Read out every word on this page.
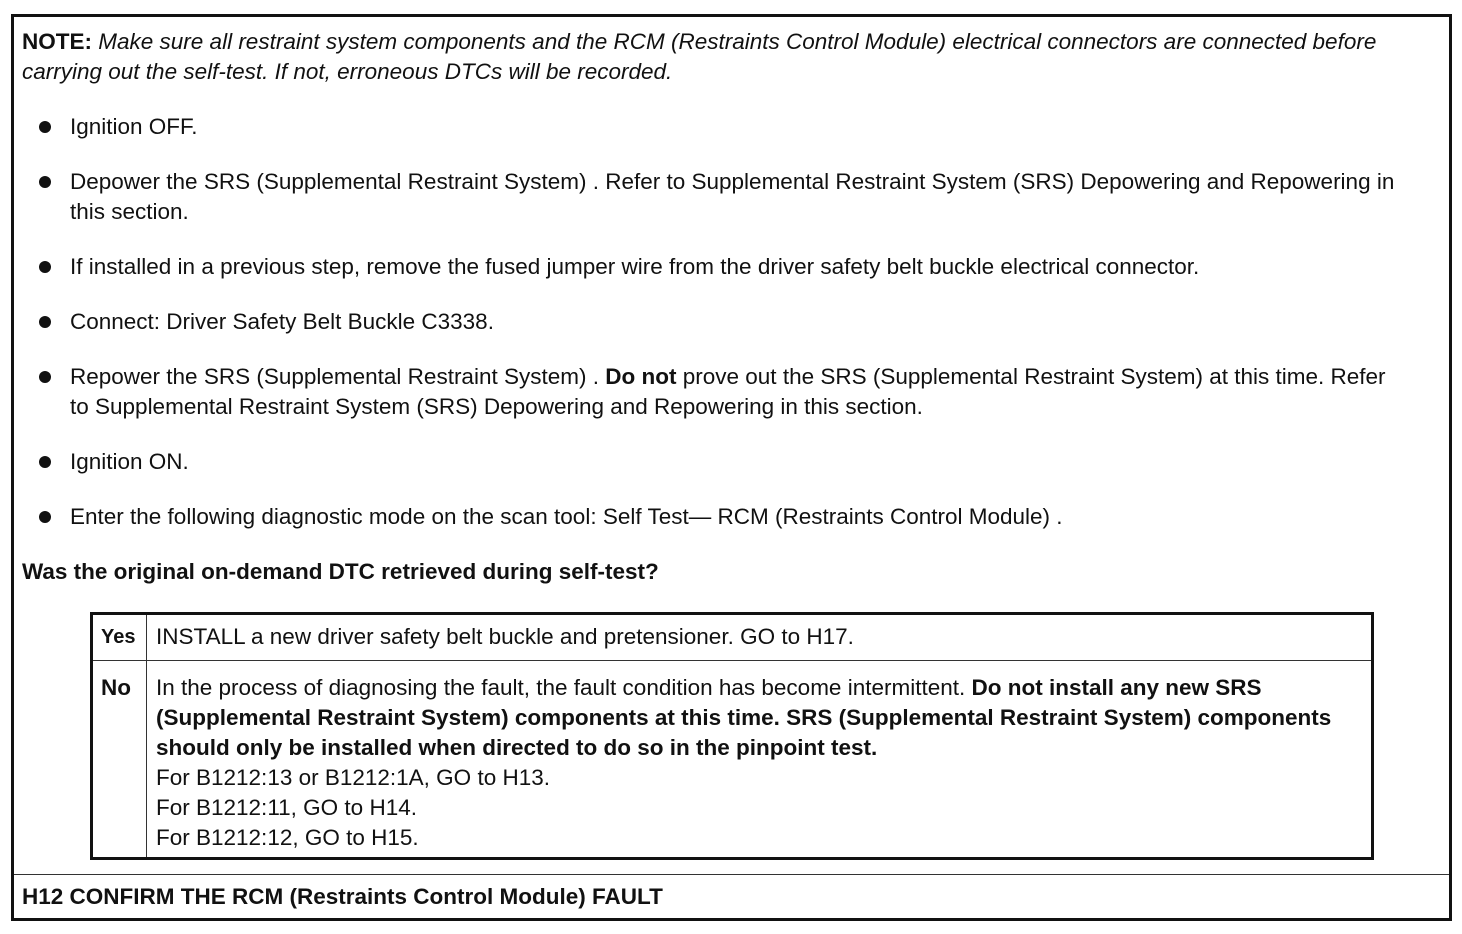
NOTE: Make sure all restraint system components and the RCM (Restraints Control Module) electrical connectors are connected before carrying out the self-test. If not, erroneous DTCs will be recorded.
Ignition OFF.
Depower the SRS (Supplemental Restraint System) . Refer to Supplemental Restraint System (SRS) Depowering and Repowering in this section.
If installed in a previous step, remove the fused jumper wire from the driver safety belt buckle electrical connector.
Connect: Driver Safety Belt Buckle C3338.
Repower the SRS (Supplemental Restraint System) . Do not prove out the SRS (Supplemental Restraint System) at this time. Refer to Supplemental Restraint System (SRS) Depowering and Repowering in this section.
Ignition ON.
Enter the following diagnostic mode on the scan tool: Self Test— RCM (Restraints Control Module) .
Was the original on-demand DTC retrieved during self-test?
Yes INSTALL a new driver safety belt buckle and pretensioner. GO to H17.
No In the process of diagnosing the fault, the fault condition has become intermittent. Do not install any new SRS (Supplemental Restraint System) components at this time. SRS (Supplemental Restraint System) components should only be installed when directed to do so in the pinpoint test.
For B1212:13 or B1212:1A, GO to H13.
For B1212:11, GO to H14.
For B1212:12, GO to H15.
H12 CONFIRM THE RCM (Restraints Control Module) FAULT
